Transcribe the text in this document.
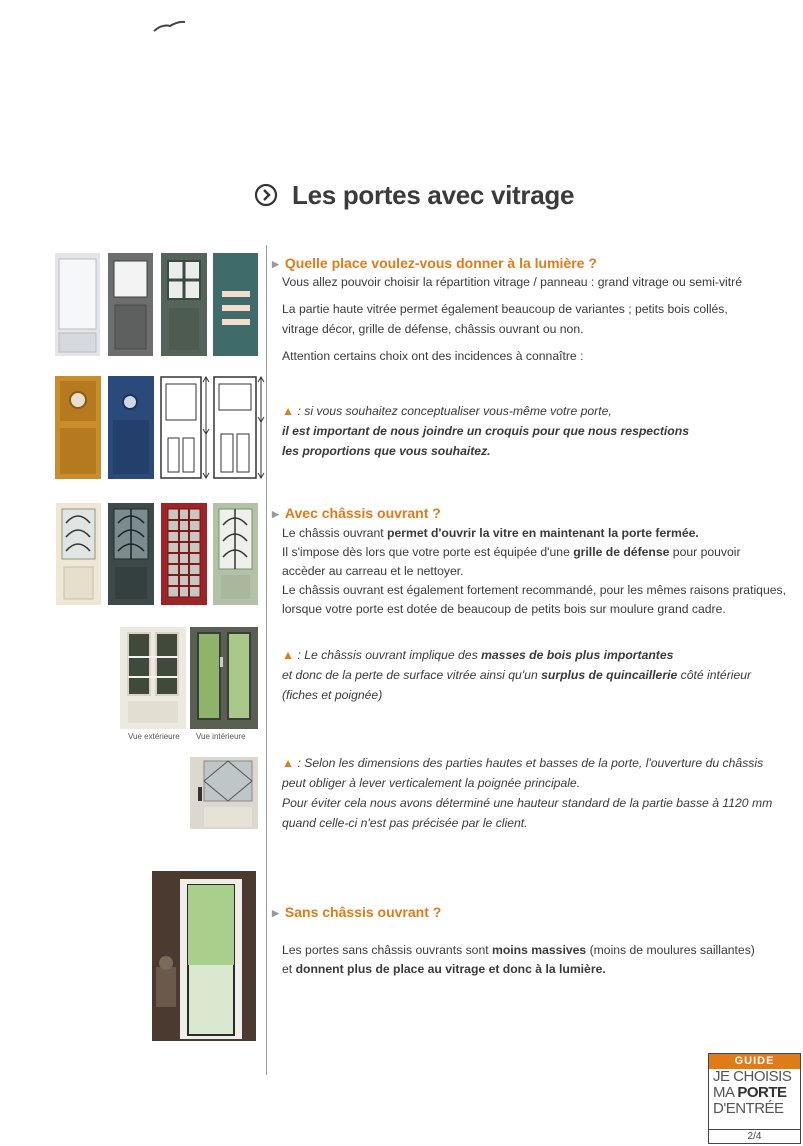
Les portes avec vitrage
▶ Quelle place voulez-vous donner à la lumière ?
Vous allez pouvoir choisir la répartition vitrage / panneau : grand vitrage ou semi-vitré
La partie haute vitrée permet également beaucoup de variantes ; petits bois collés,
vitrage décor, grille de défense, châssis ouvrant ou non.
Attention certains choix ont des incidences à connaître :
▲ : si vous souhaitez conceptualiser vous-même votre porte,
il est important de nous joindre un croquis pour que nous respections
les proportions que vous souhaitez.
▶ Avec châssis ouvrant ?
Le châssis ouvrant permet d'ouvrir la vitre en maintenant la porte fermée.
Il s'impose dès lors que votre porte est équipée d'une grille de défense pour pouvoir
accèder au carreau et le nettoyer.
Le châssis ouvrant est également fortement recommandé, pour les mêmes raisons pratiques,
lorsque votre porte est dotée de beaucoup de petits bois sur moulure grand cadre.
Vue extérieure Vue intérieure
▲ : Le châssis ouvrant implique des masses de bois plus importantes
et donc de la perte de surface vitrée ainsi qu'un surplus de quincaillerie côté intérieur
(fiches et poignée)
▲ : Selon les dimensions des parties hautes et basses de la porte, l'ouverture du châssis
peut obliger à lever verticalement la poignée principale.
Pour éviter cela nous avons déterminé une hauteur standard de la partie basse à 1120 mm
quand celle-ci n'est pas précisée par le client.
▶ Sans châssis ouvrant ?
Les portes sans châssis ouvrants sont moins massives (moins de moulures saillantes)
et donnent plus de place au vitrage et donc à la lumière.
GUIDE
JE CHOISIS
MA PORTE
D'ENTRÉE
2/4
